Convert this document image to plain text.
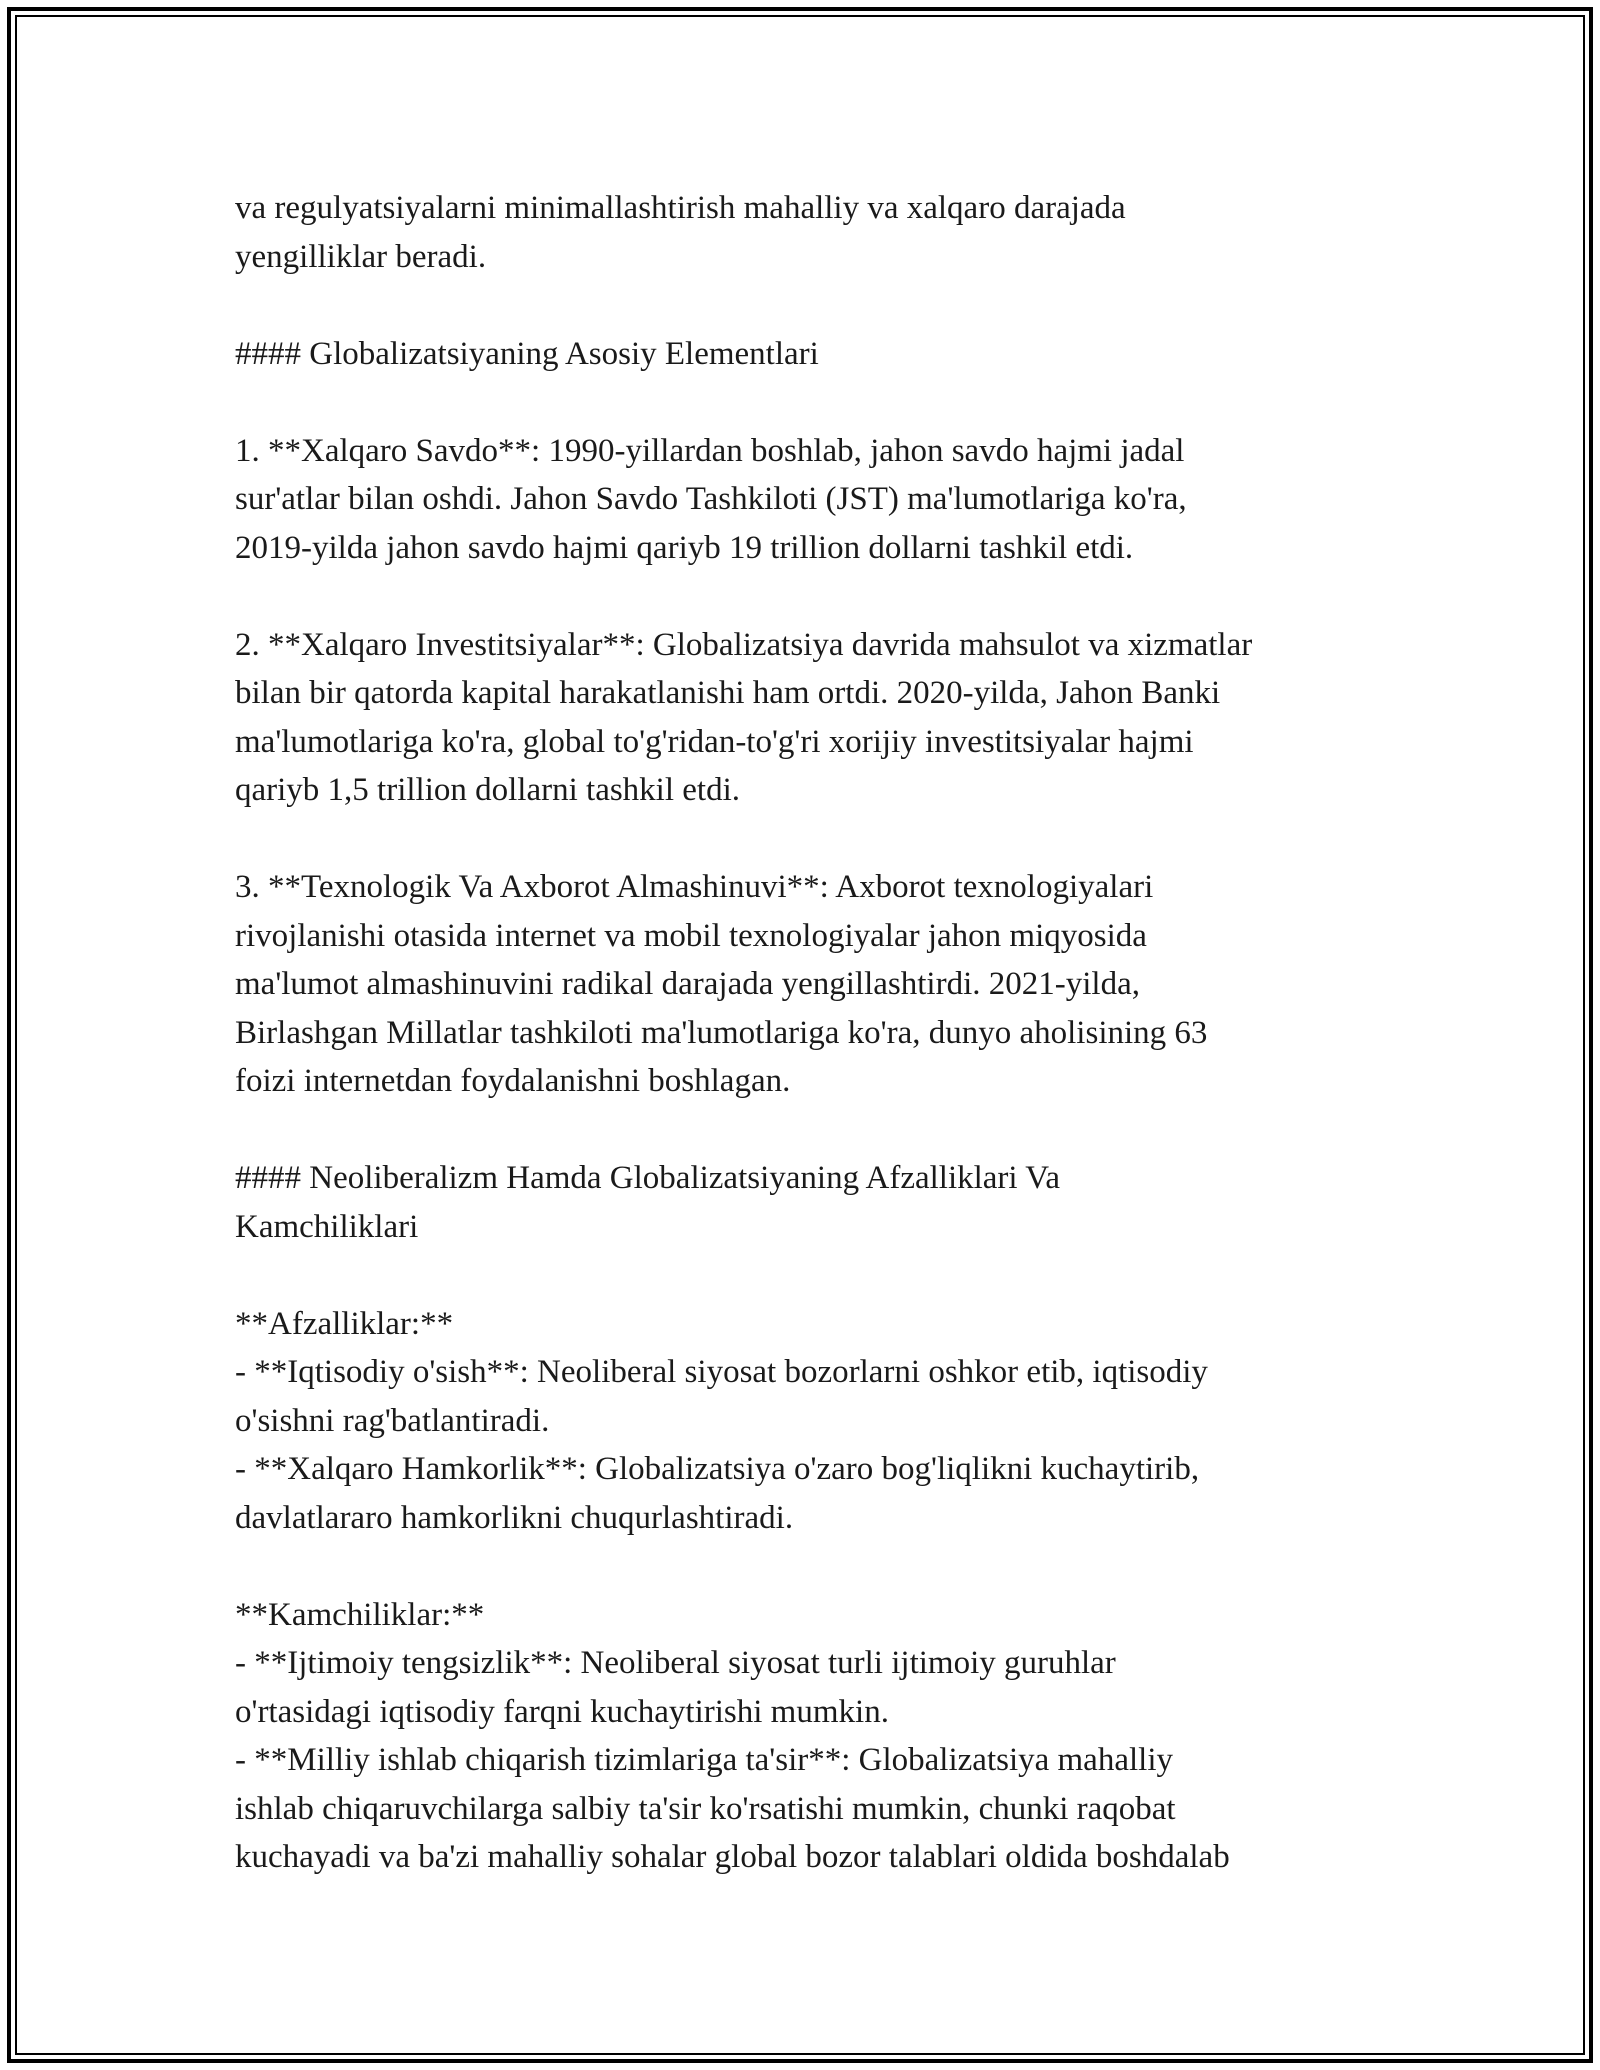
va regulyatsiyalarni minimallashtirish mahalliy va xalqaro darajada
yengilliklar beradi.
#### Globalizatsiyaning Asosiy Elementlari
1. **Xalqaro Savdo**: 1990-yillardan boshlab, jahon savdo hajmi jadal
sur'atlar bilan oshdi. Jahon Savdo Tashkiloti (JST) ma'lumotlariga ko'ra,
2019-yilda jahon savdo hajmi qariyb 19 trillion dollarni tashkil etdi.
2. **Xalqaro Investitsiyalar**: Globalizatsiya davrida mahsulot va xizmatlar
bilan bir qatorda kapital harakatlanishi ham ortdi. 2020-yilda, Jahon Banki
ma'lumotlariga ko'ra, global to'g'ridan-to'g'ri xorijiy investitsiyalar hajmi
qariyb 1,5 trillion dollarni tashkil etdi.
3. **Texnologik Va Axborot Almashinuvi**: Axborot texnologiyalari
rivojlanishi otasida internet va mobil texnologiyalar jahon miqyosida
ma'lumot almashinuvini radikal darajada yengillashtirdi. 2021-yilda,
Birlashgan Millatlar tashkiloti ma'lumotlariga ko'ra, dunyo aholisining 63
foizi internetdan foydalanishni boshlagan.
#### Neoliberalizm Hamda Globalizatsiyaning Afzalliklari Va
Kamchiliklari
**Afzalliklar:**
- **Iqtisodiy o'sish**: Neoliberal siyosat bozorlarni oshkor etib, iqtisodiy
o'sishni rag'batlantiradi.
- **Xalqaro Hamkorlik**: Globalizatsiya o'zaro bog'liqlikni kuchaytirib,
davlatlararo hamkorlikni chuqurlashtiradi.
**Kamchiliklar:**
- **Ijtimoiy tengsizlik**: Neoliberal siyosat turli ijtimoiy guruhlar
o'rtasidagi iqtisodiy farqni kuchaytirishi mumkin.
- **Milliy ishlab chiqarish tizimlariga ta'sir**: Globalizatsiya mahalliy
ishlab chiqaruvchilarga salbiy ta'sir ko'rsatishi mumkin, chunki raqobat
kuchayadi va ba'zi mahalliy sohalar global bozor talablari oldida boshdalab
